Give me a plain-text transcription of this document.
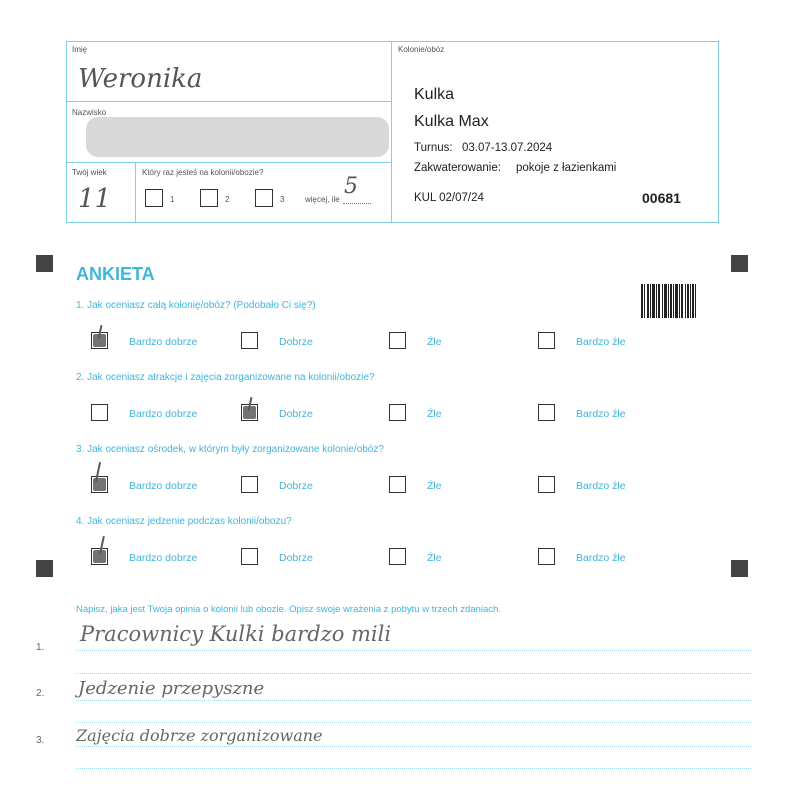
Imię
Weronika
Nazwisko
Twój wiek
11
Który raz jesteś na kolonii/obozie?
1	2	3	więcej, ile
5
Kolonie/obóz
Kulka
Kulka Max
Turnus: 03.07-13.07.2024
Zakwaterowanie: pokoje z łazienkami
KUL 02/07/24	00681
ANKIETA
1. Jak oceniasz całą kolonię/obóz? (Podobało Ci się?)
Bardzo dobrze	Dobrze	Źle	Bardzo źle
2. Jak oceniasz atrakcje i zajęcia zorganizowane na kolonii/obozie?
Bardzo dobrze	Dobrze	Źle	Bardzo źle
3. Jak oceniasz ośrodek, w którym były zorganizowane kolonie/obóz?
Bardzo dobrze	Dobrze	Źle	Bardzo źle
4. Jak oceniasz jedzenie podczas kolonii/obozu?
Bardzo dobrze	Dobrze	Źle	Bardzo źle
Napisz, jaka jest Twoja opinia o kolonii lub obozie. Opisz swoje wrażenia z pobytu w trzech zdaniach.
1.
Pracownicy Kulki bardzo mili
2. Jedzenie przepyszne
3. Zajęcia dobrze zorganizowane
